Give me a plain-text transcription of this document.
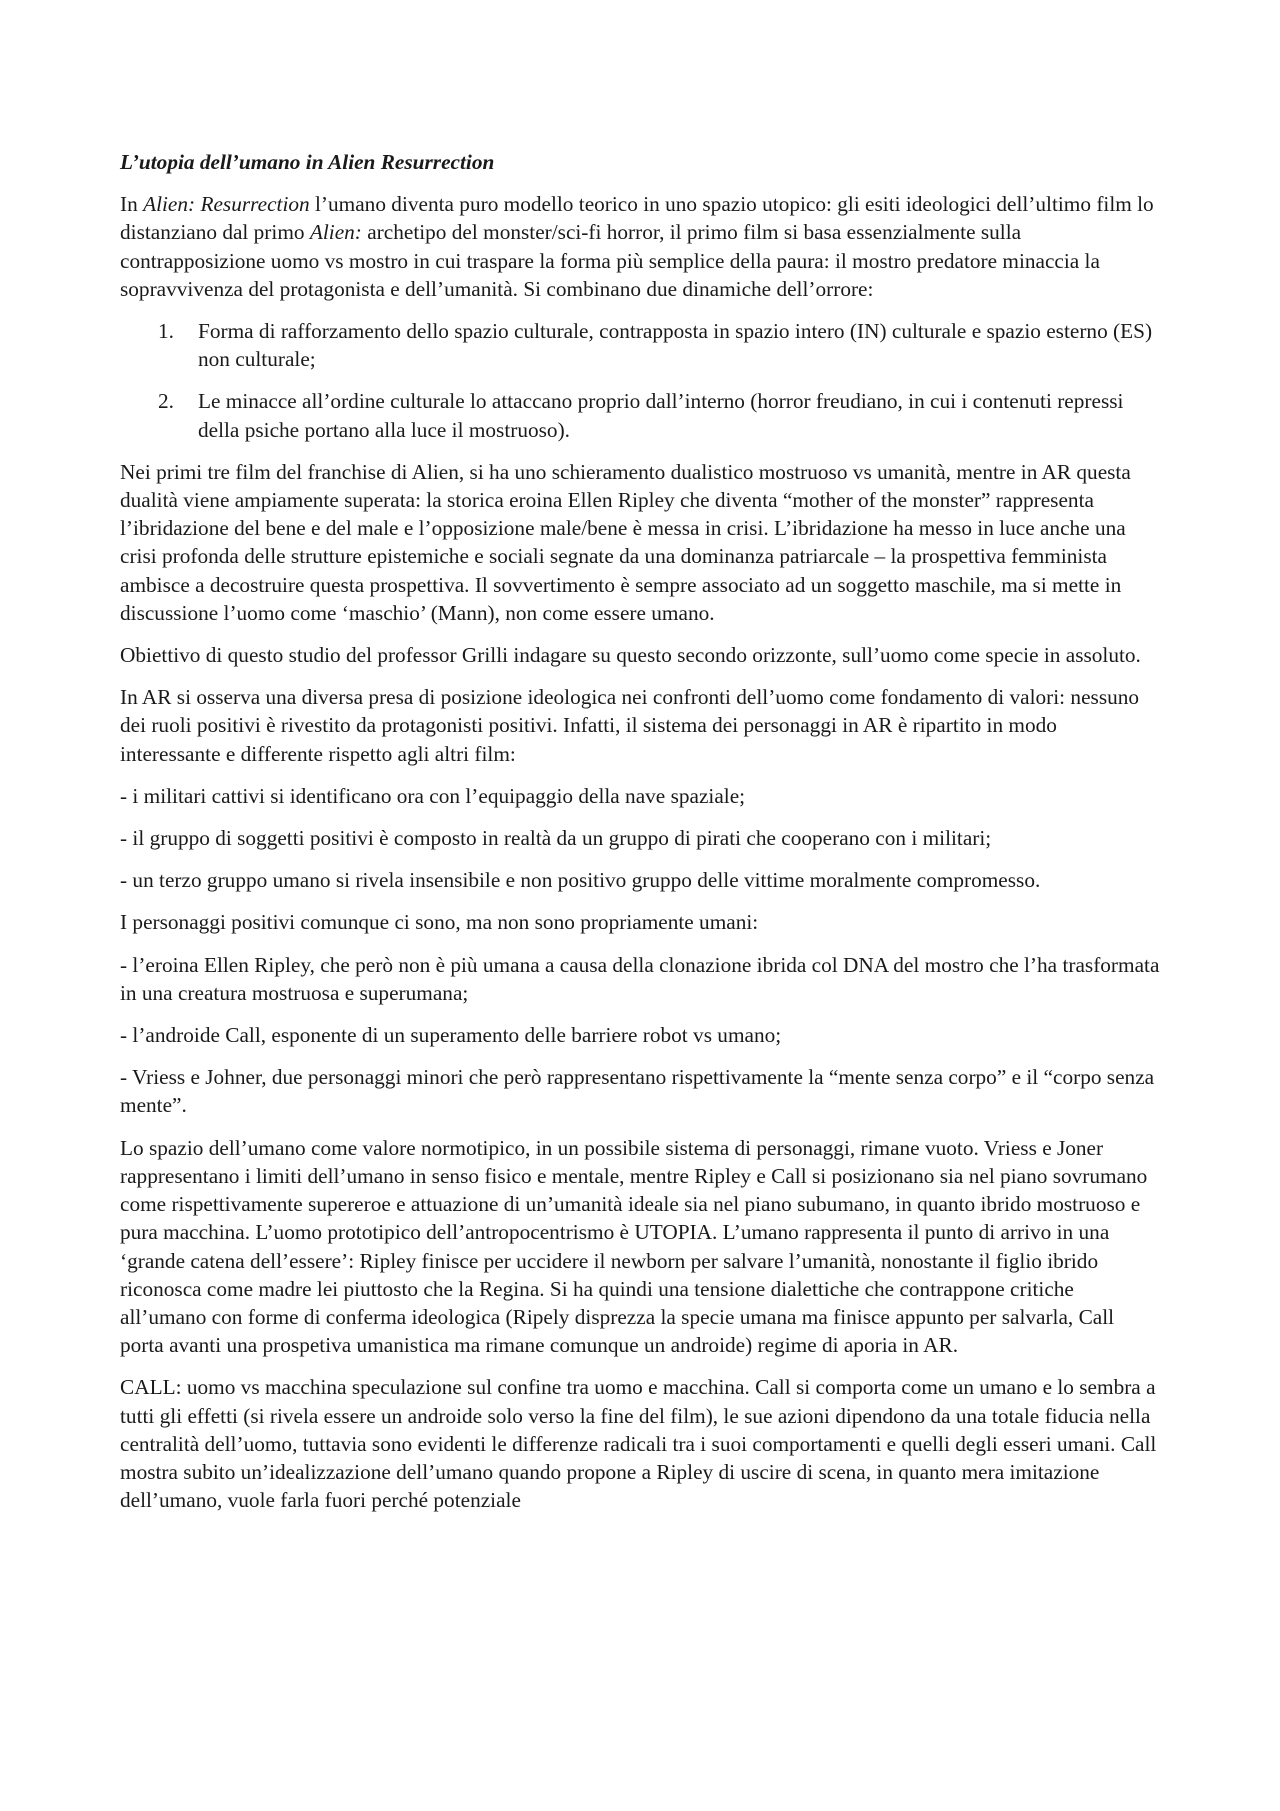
L’utopia dell’umano in Alien Resurrection

In Alien: Resurrection l’umano diventa puro modello teorico in uno spazio utopico: gli esiti ideologici dell’ultimo film lo distanziano dal primo Alien: archetipo del monster/sci-fi horror, il primo film si basa essenzialmente sulla contrapposizione uomo vs mostro in cui traspare la forma più semplice della paura: il mostro predatore minaccia la sopravvivenza del protagonista e dell’umanità. Si combinano due dinamiche dell’orrore:

1. Forma di rafforzamento dello spazio culturale, contrapposta in spazio intero (IN) culturale e spazio esterno (ES) non culturale;
2. Le minacce all’ordine culturale lo attaccano proprio dall’interno (horror freudiano, in cui i contenuti repressi della psiche portano alla luce il mostruoso).

Nei primi tre film del franchise di Alien, si ha uno schieramento dualistico mostruoso vs umanità, mentre in AR questa dualità viene ampiamente superata: la storica eroina Ellen Ripley che diventa “mother of the monster” rappresenta l’ibridazione del bene e del male e l’opposizione male/bene è messa in crisi. L’ibridazione ha messo in luce anche una crisi profonda delle strutture epistemiche e sociali segnate da una dominanza patriarcale – la prospettiva femminista ambisce a decostruire questa prospettiva. Il sovvertimento è sempre associato ad un soggetto maschile, ma si mette in discussione l’uomo come ‘maschio’ (Mann), non come essere umano.

Obiettivo di questo studio del professor Grilli indagare su questo secondo orizzonte, sull’uomo come specie in assoluto.

In AR si osserva una diversa presa di posizione ideologica nei confronti dell’uomo come fondamento di valori: nessuno dei ruoli positivi è rivestito da protagonisti positivi. Infatti, il sistema dei personaggi in AR è ripartito in modo interessante e differente rispetto agli altri film:

- i militari cattivi si identificano ora con l’equipaggio della nave spaziale;

- il gruppo di soggetti positivi è composto in realtà da un gruppo di pirati che cooperano con i militari;

- un terzo gruppo umano si rivela insensibile e non positivo gruppo delle vittime moralmente compromesso.

I personaggi positivi comunque ci sono, ma non sono propriamente umani:

- l’eroina Ellen Ripley, che però non è più umana a causa della clonazione ibrida col DNA del mostro che l’ha trasformata in una creatura mostruosa e superumana;

- l’androide Call, esponente di un superamento delle barriere robot vs umano;

- Vriess e Johner, due personaggi minori che però rappresentano rispettivamente la “mente senza corpo” e il “corpo senza mente”.

Lo spazio dell’umano come valore normotipico, in un possibile sistema di personaggi, rimane vuoto. Vriess e Joner rappresentano i limiti dell’umano in senso fisico e mentale, mentre Ripley e Call si posizionano sia nel piano sovrumano come rispettivamente supereroe e attuazione di un’umanità ideale sia nel piano subumano, in quanto ibrido mostruoso e pura macchina. L’uomo prototipico dell’antropocentrismo è UTOPIA. L’umano rappresenta il punto di arrivo in una ‘grande catena dell’essere’: Ripley finisce per uccidere il newborn per salvare l’umanità, nonostante il figlio ibrido riconosca come madre lei piuttosto che la Regina. Si ha quindi una tensione dialettiche che contrappone critiche all’umano con forme di conferma ideologica (Ripely disprezza la specie umana ma finisce appunto per salvarla, Call porta avanti una prospetiva umanistica ma rimane comunque un androide) regime di aporia in AR.

CALL: uomo vs macchina speculazione sul confine tra uomo e macchina. Call si comporta come un umano e lo sembra a tutti gli effetti (si rivela essere un androide solo verso la fine del film), le sue azioni dipendono da una totale fiducia nella centralità dell’uomo, tuttavia sono evidenti le differenze radicali tra i suoi comportamenti e quelli degli esseri umani. Call mostra subito un’idealizzazione dell’umano quando propone a Ripley di uscire di scena, in quanto mera imitazione dell’umano, vuole farla fuori perché potenziale
